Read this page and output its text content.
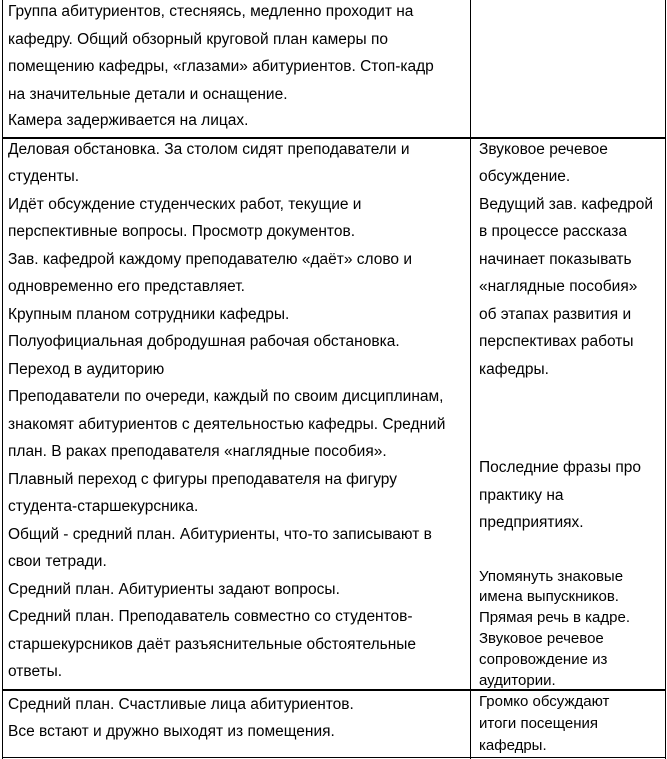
Группа абитуриентов, стесняясь, медленно проходит на
кафедру. Общий обзорный круговой план камеры по
помещению кафедры, «глазами» абитуриентов. Стоп-кадр
на значительные детали и оснащение.
Камера задерживается на лицах.
Деловая обстановка. За столом сидят преподаватели и
студенты.
Идёт обсуждение студенческих работ, текущие и
перспективные вопросы. Просмотр документов.
Зав. кафедрой каждому преподавателю «даёт» слово и
одновременно его представляет.
Крупным планом сотрудники кафедры.
Полуофициальная добродушная рабочая обстановка.
Переход в аудиторию
Преподаватели по очереди, каждый по своим дисциплинам,
знакомят абитуриентов с деятельностью кафедры. Средний
план. В раках преподавателя «наглядные пособия».
Плавный переход с фигуры преподавателя на фигуру
студента-старшекурсника.
Общий - средний план. Абитуриенты, что-то записывают в
свои тетради.
Средний план. Абитуриенты задают вопросы.
Средний план. Преподаватель совместно со студентов-
старшекурсников даёт разъяснительные обстоятельные
ответы.
Звуковое речевое
обсуждение.
Ведущий зав. кафедрой
в процессе рассказа
начинает показывать
«наглядные пособия»
об этапах развития и
перспективах работы
кафедры.
Последние фразы про
практику на
предприятиях.
Упомянуть знаковые
имена выпускников.
Прямая речь в кадре.
Звуковое речевое
сопровождение из
аудитории.
Средний план. Счастливые лица абитуриентов.
Все встают и дружно выходят из помещения.
Громко обсуждают
итоги посещения
кафедры.
